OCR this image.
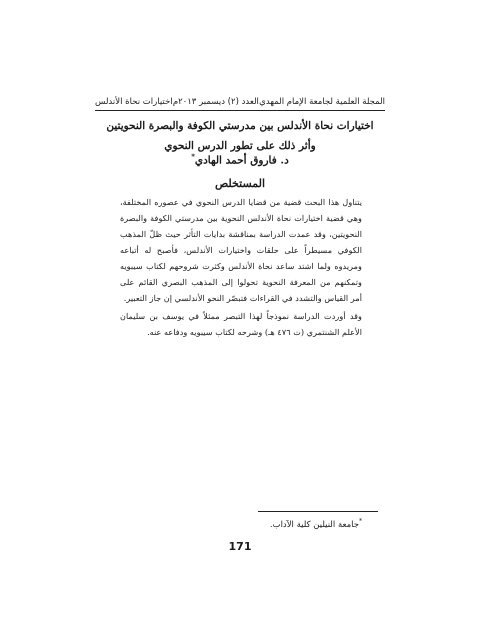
المجلة العلمية لجامعة الإمام المهدي
العدد (٢) ديسمبر ٢٠١٣م
اختيارات نحاة الأندلس
اختيارات نحاة الأندلس بين مدرستي الكوفة والبصرة النحويتين
وأثر ذلك على تطور الدرس النحوي
د. فاروق أحمد الهادي*
المستخلص

يتناول هذا البحث قضية من قضايا الدرس النحوي في عصوره المختلفة، وهي قضية اختيارات نحاة الأندلس النحوية بين مدرستي الكوفة والبصرة النحويتين، وقد عمدت الدراسة بمناقشة بدايات التأثر حيث ظلّ المذهب الكوفي مسيطراً على حلقات واختيارات الأندلس، فأصبح له أتباعه ومريدوه ولما اشتد ساعد نحاة الأندلس وكثرت شروحهم لكتاب سيبويه وتمكنهم من المعرفة النحوية تحولوا إلى المذهب البصري القائم على أمر القياس والتشدد في القراءات فتبصّر النحو الأندلسي إن جاز التعبير.

وقد أوردت الدراسة نموذجاً لهذا التبصر ممثلاً في يوسف بن سليمان الأعلم الشنتمري (ت ٤٧٦ هـ) وشرحه لكتاب سيبويه ودفاعه عنه.

*جامعة النيلين كلية الآداب.
171
